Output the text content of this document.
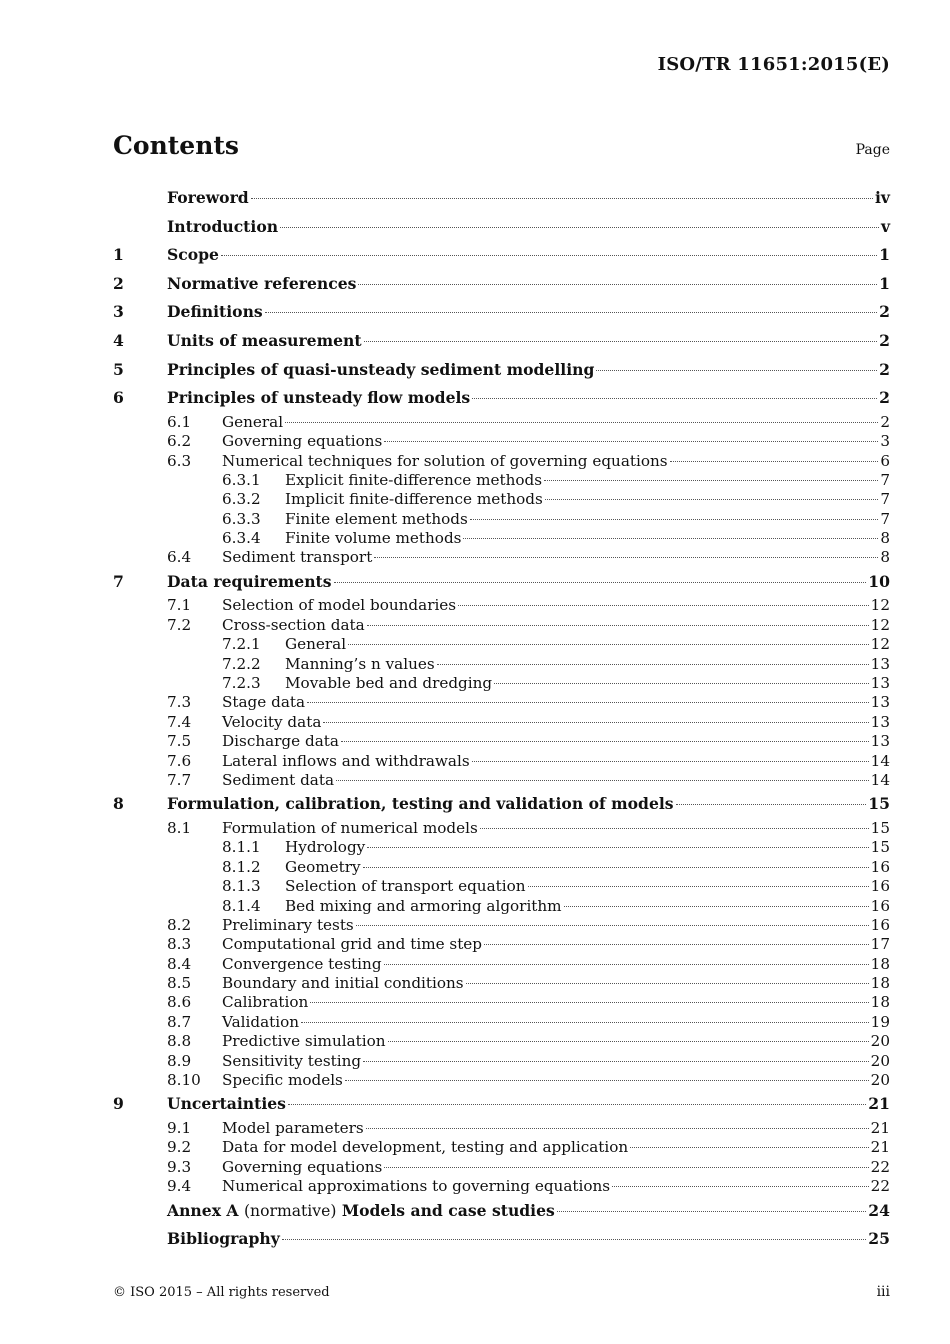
ISO/TR 11651:2015(E)
Contents	Page
Foreword	iv
Introduction	v
1	Scope	1
2	Normative references	1
3	Definitions	2
4	Units of measurement	2
5	Principles of quasi-unsteady sediment modelling	2
6	Principles of unsteady flow models	2
6.1	General	2
6.2	Governing equations	3
6.3	Numerical techniques for solution of governing equations	6
6.3.1	Explicit finite-difference methods	7
6.3.2	Implicit finite-difference methods	7
6.3.3	Finite element methods	7
6.3.4	Finite volume methods	8
6.4	Sediment transport	8
7	Data requirements	10
7.1	Selection of model boundaries	12
7.2	Cross-section data	12
7.2.1	General	12
7.2.2	Manning’s n values	13
7.2.3	Movable bed and dredging	13
7.3	Stage data	13
7.4	Velocity data	13
7.5	Discharge data	13
7.6	Lateral inflows and withdrawals	14
7.7	Sediment data	14
8	Formulation, calibration, testing and validation of models	15
8.1	Formulation of numerical models	15
8.1.1	Hydrology	15
8.1.2	Geometry	16
8.1.3	Selection of transport equation	16
8.1.4	Bed mixing and armoring algorithm	16
8.2	Preliminary tests	16
8.3	Computational grid and time step	17
8.4	Convergence testing	18
8.5	Boundary and initial conditions	18
8.6	Calibration	18
8.7	Validation	19
8.8	Predictive simulation	20
8.9	Sensitivity testing	20
8.10	Specific models	20
9	Uncertainties	21
9.1	Model parameters	21
9.2	Data for model development, testing and application	21
9.3	Governing equations	22
9.4	Numerical approximations to governing equations	22
Annex A (normative) Models and case studies	24
Bibliography	25
© ISO 2015 – All rights reserved	iii
